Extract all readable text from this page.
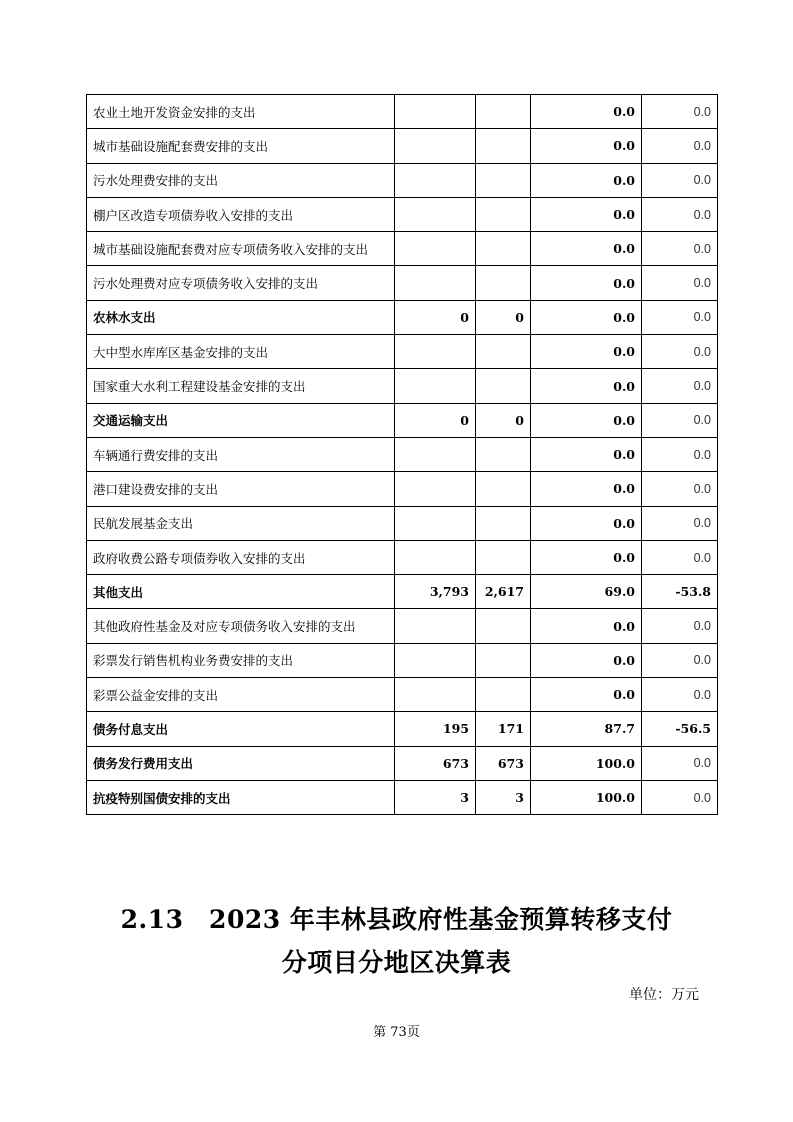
农业土地开发资金安排的支出			0.0	0.0
城市基础设施配套费安排的支出			0.0	0.0
污水处理费安排的支出			0.0	0.0
棚户区改造专项债券收入安排的支出			0.0	0.0
城市基础设施配套费对应专项债务收入安排的支出			0.0	0.0
污水处理费对应专项债务收入安排的支出			0.0	0.0
农林水支出	0	0	0.0	0.0
大中型水库库区基金安排的支出			0.0	0.0
国家重大水利工程建设基金安排的支出			0.0	0.0
交通运输支出	0	0	0.0	0.0
车辆通行费安排的支出			0.0	0.0
港口建设费安排的支出			0.0	0.0
民航发展基金支出			0.0	0.0
政府收费公路专项债券收入安排的支出			0.0	0.0
其他支出	3,793	2,617	69.0	-53.8
其他政府性基金及对应专项债务收入安排的支出			0.0	0.0
彩票发行销售机构业务费安排的支出			0.0	0.0
彩票公益金安排的支出			0.0	0.0
债务付息支出	195	171	87.7	-56.5
债务发行费用支出	673	673	100.0	0.0
抗疫特别国债安排的支出	3	3	100.0	0.0
2.13　2023 年丰林县政府性基金预算转移支付
分项目分地区决算表
单位：万元
第 73页
